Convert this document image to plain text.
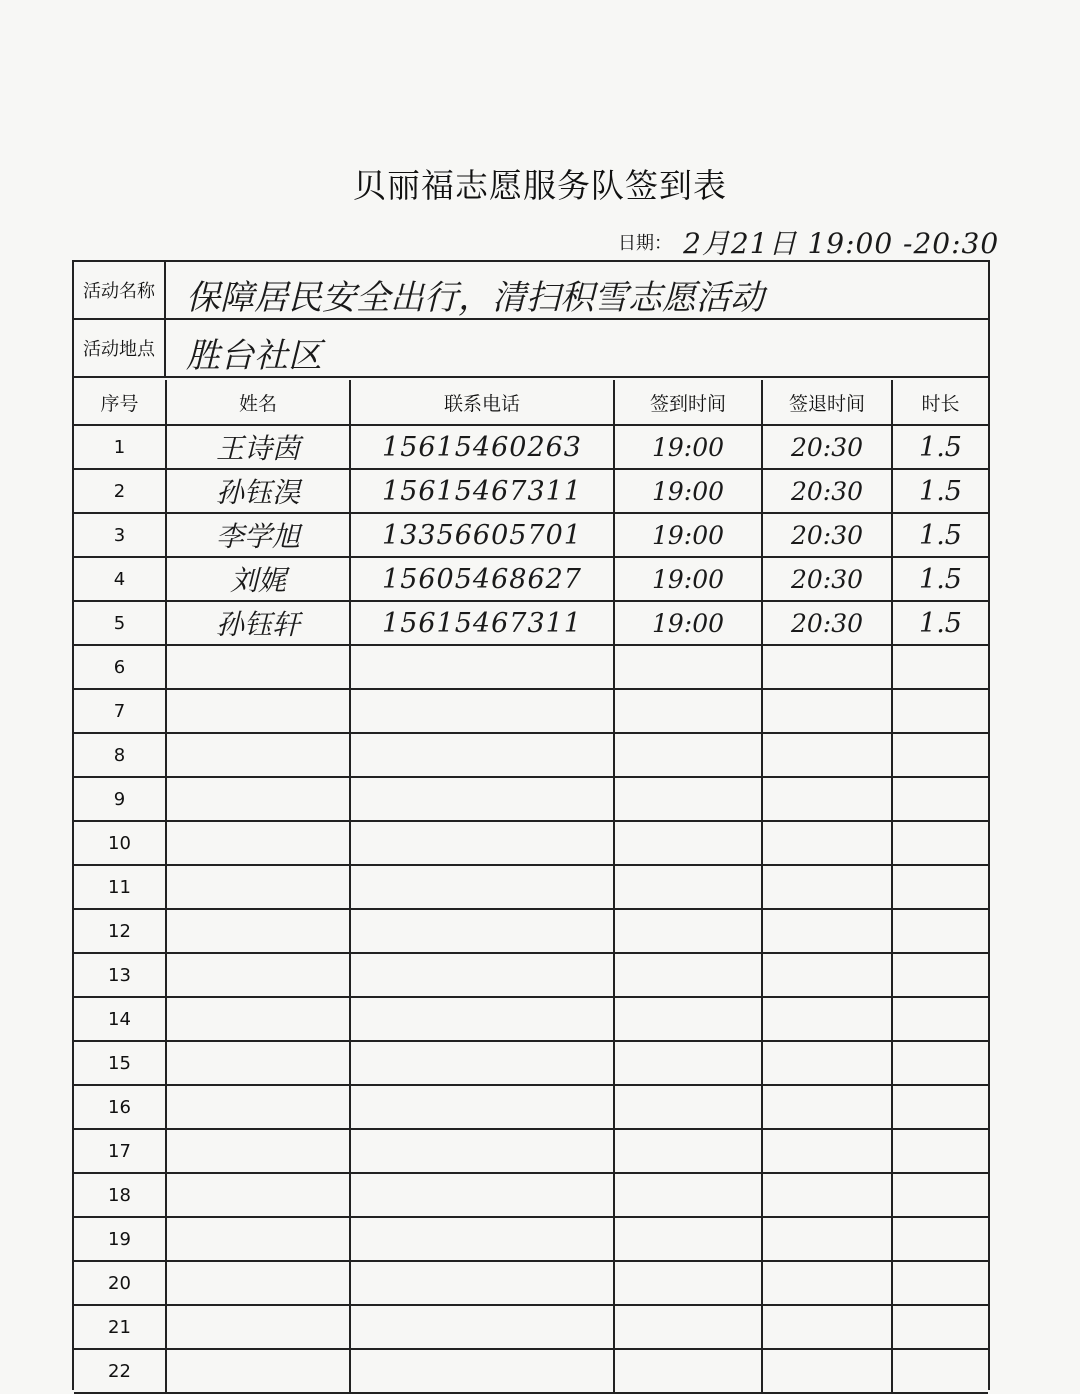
贝丽福志愿服务队签到表
日期： 2月21日 19:00 -20:30
活动名称 保障居民安全出行，清扫积雪志愿活动
活动地点 胜台社区
序号	姓名	联系电话	签到时间	签退时间	时长
1	王诗茵	15615460263	19:00	20:30	1.5
2	孙钰淏	15615467311	19:00	20:30	1.5
3	李学旭	13356605701	19:00	20:30	1.5
4	刘娓	15605468627	19:00	20:30	1.5
5	孙钰轩	15615467311	19:00	20:30	1.5
6					
7					
8					
9					
10					
11					
12					
13					
14					
15					
16					
17					
18					
19					
20					
21					
22					
